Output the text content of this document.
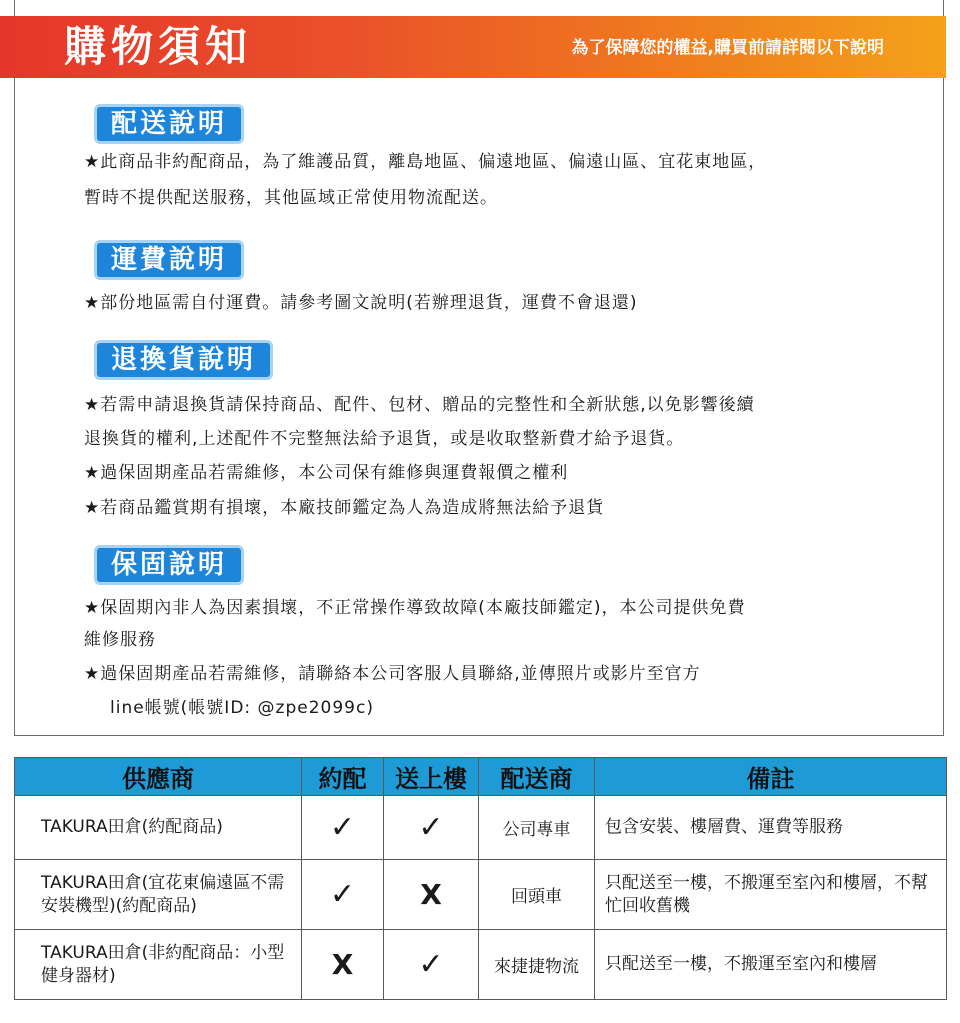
購物須知	為了保障您的權益,購買前請詳閱以下說明
配送說明
★此商品非約配商品，為了維護品質，離島地區、偏遠地區、偏遠山區、宜花東地區，
暫時不提供配送服務，其他區域正常使用物流配送。
運費說明
★部份地區需自付運費。請參考圖文說明(若辦理退貨，運費不會退還)
退換貨說明
★若需申請退換貨請保持商品、配件、包材、贈品的完整性和全新狀態,以免影響後續
退換貨的權利,上述配件不完整無法給予退貨，或是收取整新費才給予退貨。
★過保固期產品若需維修，本公司保有維修與運費報價之權利
★若商品鑑賞期有損壞，本廠技師鑑定為人為造成將無法給予退貨
保固說明
★保固期內非人為因素損壞，不正常操作導致故障(本廠技師鑑定)，本公司提供免費
維修服務
★過保固期產品若需維修，請聯絡本公司客服人員聯絡,並傳照片或影片至官方
line帳號(帳號ID: @zpe2099c)
供應商	約配	送上樓	配送商	備註
TAKURA田倉(約配商品)	✓	✓	公司專車	包含安裝、樓層費、運費等服務
TAKURA田倉(宜花東偏遠區不需安裝機型)(約配商品)	✓	X	回頭車	只配送至一樓，不搬運至室內和樓層，不幫忙回收舊機
TAKURA田倉(非約配商品：小型健身器材)	X	✓	來捷捷物流	只配送至一樓，不搬運至室內和樓層
